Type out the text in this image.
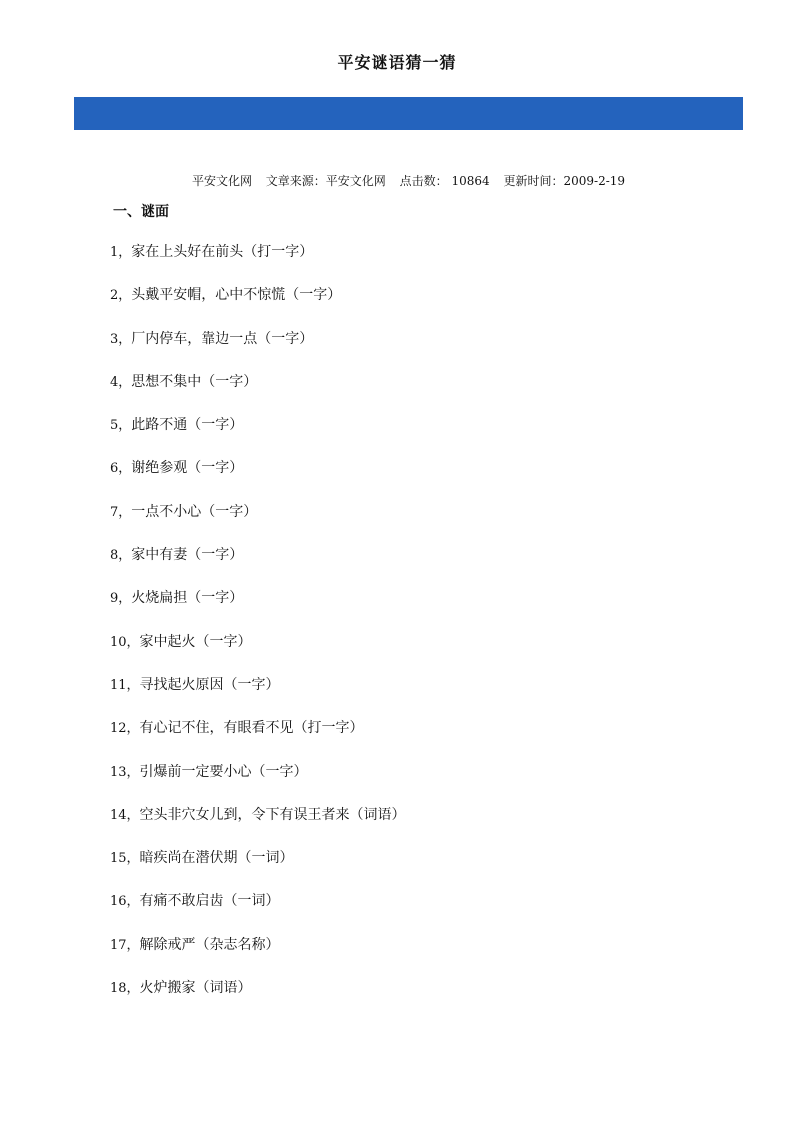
平安谜语猜一猜
平安文化网 文章来源：平安文化网 点击数： 10864 更新时间：2009-2-19
一、谜面
1，家在上头好在前头（打一字）
2，头戴平安帽，心中不惊慌（一字）
3，厂内停车，靠边一点（一字）
4，思想不集中（一字）
5，此路不通（一字）
6，谢绝参观（一字）
7，一点不小心（一字）
8，家中有妻（一字）
9，火烧扁担（一字）
10，家中起火（一字）
11，寻找起火原因（一字）
12，有心记不住，有眼看不见（打一字）
13，引爆前一定要小心（一字）
14，空头非穴女儿到，令下有误王者来（词语）
15，暗疾尚在潜伏期（一词）
16，有痛不敢启齿（一词）
17，解除戒严（杂志名称）
18，火炉搬家（词语）
